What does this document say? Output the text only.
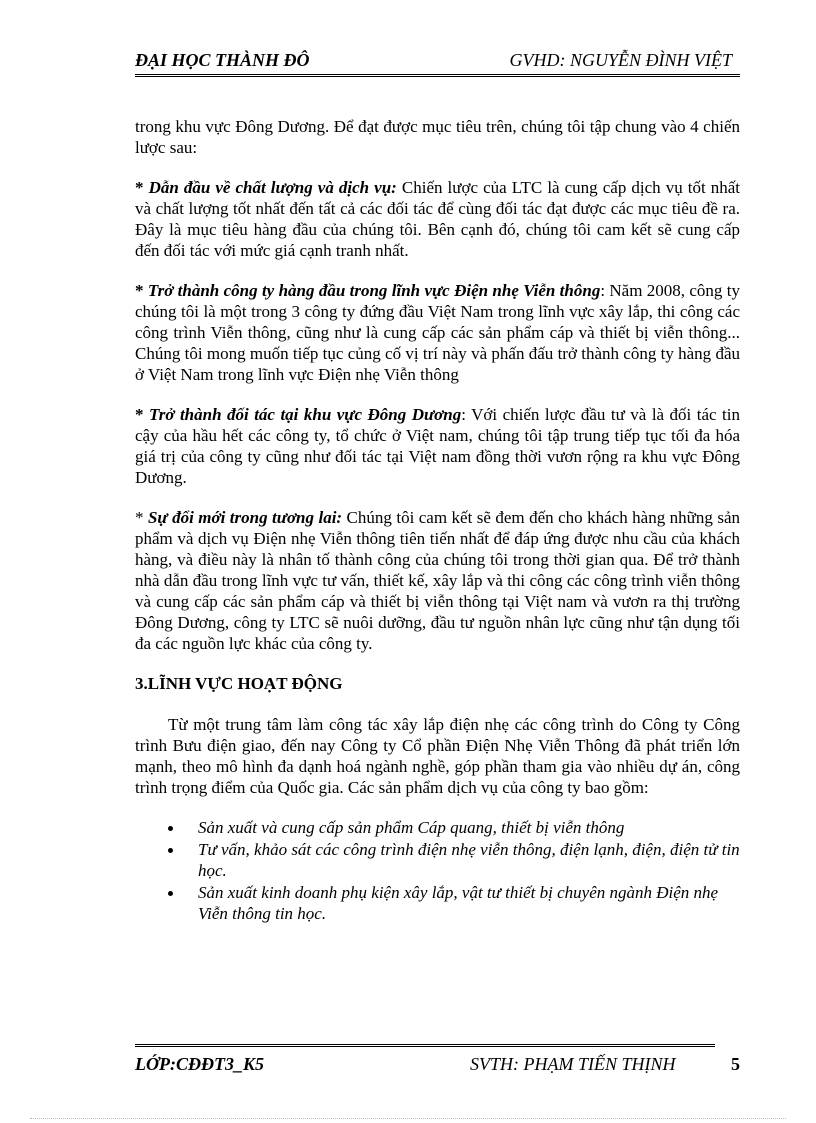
ĐẠI HỌC THÀNH ĐÔ	GVHD: NGUYỄN ĐÌNH VIỆT

trong khu vực Đông Dương. Để đạt được mục tiêu trên, chúng tôi tập chung vào 4 chiến lược sau:

* Dẫn đầu về chất lượng và dịch vụ: Chiến lược của LTC là cung cấp dịch vụ tốt nhất và chất lượng tốt nhất đến tất cả các đối tác để cùng đối tác đạt được các mục tiêu đề ra. Đây là mục tiêu hàng đầu của chúng tôi. Bên cạnh đó, chúng tôi cam kết sẽ cung cấp đến đối tác với mức giá cạnh tranh nhất.

* Trở thành công ty hàng đầu trong lĩnh vực Điện nhẹ Viễn thông: Năm 2008, công ty chúng tôi là một trong 3 công ty đứng đầu Việt Nam trong lĩnh vực xây lắp, thi công các công trình Viễn thông, cũng như là cung cấp các sản phẩm cáp và thiết bị viễn thông... Chúng tôi mong muốn tiếp tục củng cố vị trí này và phấn đấu trở thành công ty hàng đầu ở Việt Nam trong lĩnh vực Điện nhẹ Viễn thông

* Trở thành đối tác tại khu vực Đông Dương: Với chiến lược đầu tư và là đối tác tin cậy của hầu hết các công ty, tổ chức ở Việt nam, chúng tôi tập trung tiếp tục tối đa hóa giá trị của công ty cũng như đối tác tại Việt nam đồng thời vươn rộng ra khu vực Đông Dương.

* Sự đổi mới trong tương lai: Chúng tôi cam kết sẽ đem đến cho khách hàng những sản phẩm và dịch vụ Điện nhẹ Viễn thông tiên tiến nhất để đáp ứng được nhu cầu của khách hàng, và điều này là nhân tố thành công của chúng tôi trong thời gian qua. Để trở thành nhà dẫn đầu trong lĩnh vực tư vấn, thiết kế, xây lắp và thi công các công trình viễn thông và cung cấp các sản phẩm cáp và thiết bị viễn thông tại Việt nam và vươn ra thị trường Đông Dương, công ty LTC sẽ nuôi dưỡng, đầu tư nguồn nhân lực cũng như tận dụng tối đa các nguồn lực khác của công ty.

3.LĨNH VỰC HOẠT ĐỘNG

Từ một trung tâm làm công tác xây lắp điện nhẹ các công trình do Công ty Công trình Bưu điện giao, đến nay Công ty Cổ phần Điện Nhẹ Viễn Thông đã phát triển lớn mạnh, theo mô hình đa dạnh hoá ngành nghề, góp phần tham gia vào nhiều dự án, công trình trọng điểm của Quốc gia. Các sản phẩm dịch vụ của công ty bao gồm:

Sản xuất và cung cấp sản phẩm Cáp quang, thiết bị viễn thông
Tư vấn, khảo sát các công trình điện nhẹ viễn thông, điện lạnh, điện, điện tử tin học.
Sản xuất kinh doanh phụ kiện xây lắp, vật tư thiết bị chuyên ngành Điện nhẹ Viễn thông tin học.
LỚP:CĐĐT3_K5	SVTH: PHẠM TIẾN THỊNH	5
